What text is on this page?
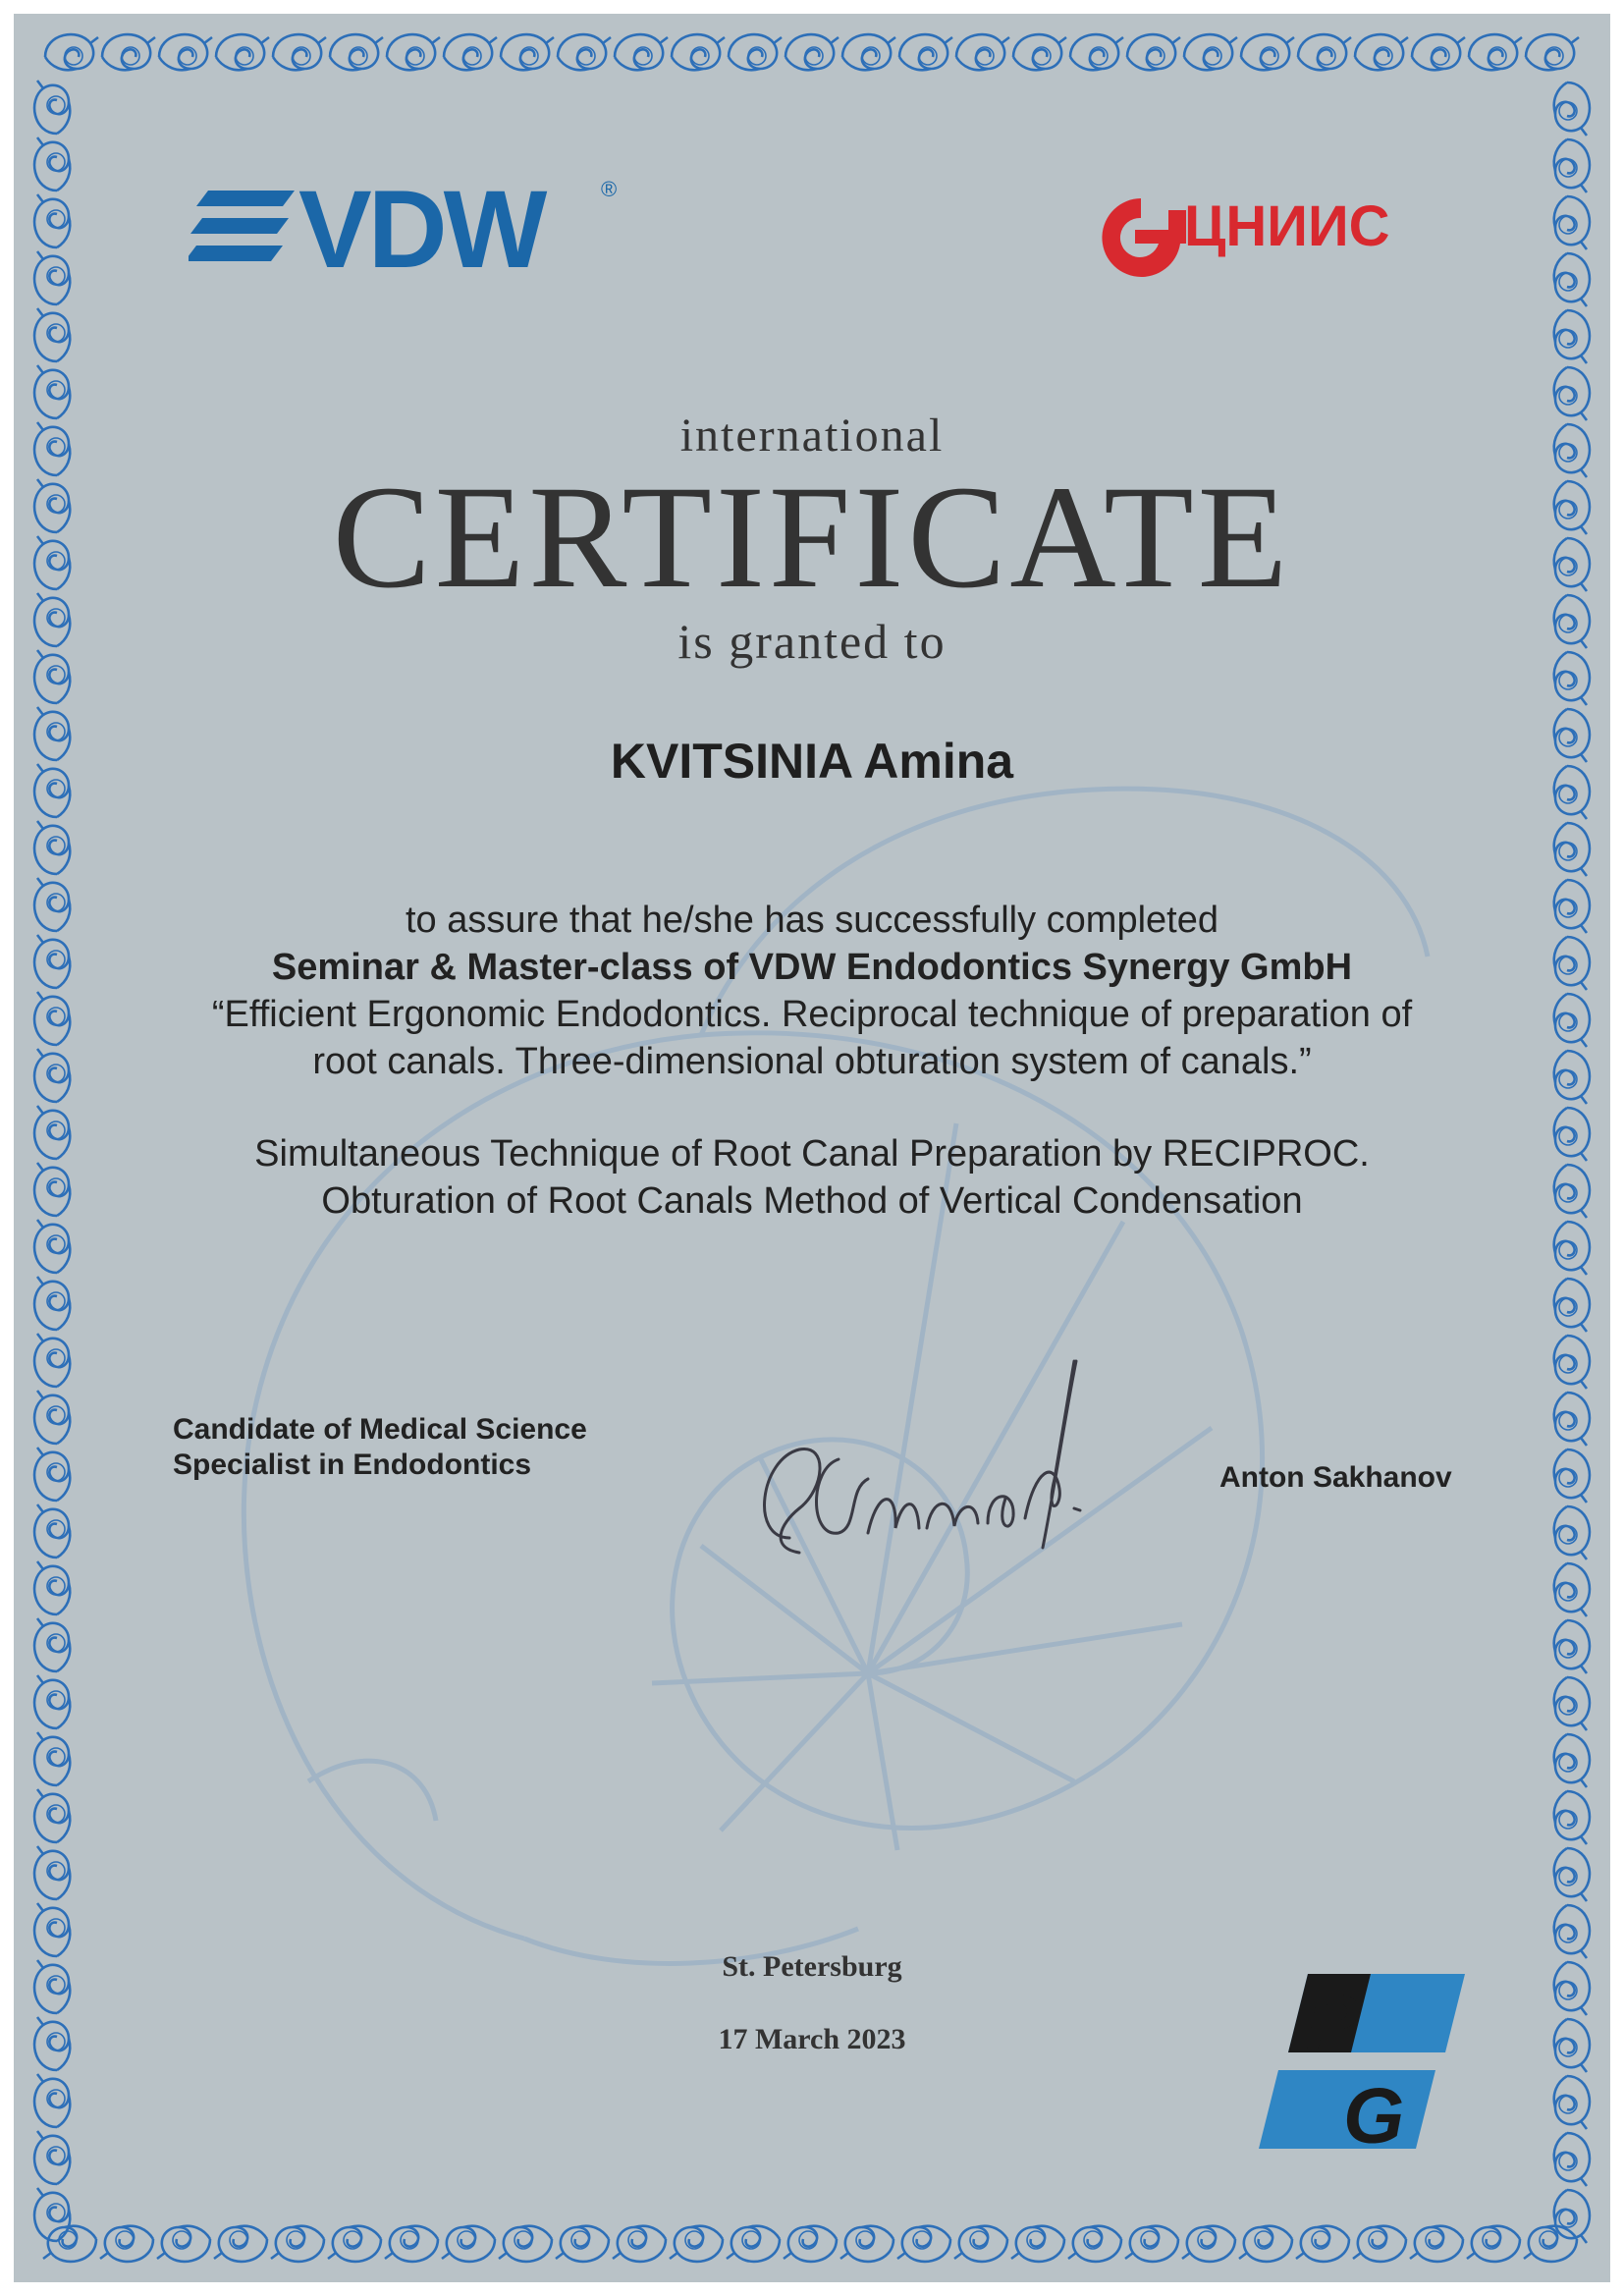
VDW	®
ЦНИИС
P
G
international
CERTIFICATE
is granted to
KVITSINIA Amina
to assure that he/she has successfully completed
Seminar & Master-class of VDW Endodontics Synergy GmbH
“Efficient Ergonomic Endodontics. Reciprocal technique of preparation of
root canals. Three-dimensional obturation system of canals.”
Simultaneous Technique of Root Canal Preparation by RECIPROC.
Obturation of Root Canals Method of Vertical Condensation
Candidate of Medical Science
Specialist in Endodontics	Anton Sakhanov
St. Petersburg
17 March 2023
